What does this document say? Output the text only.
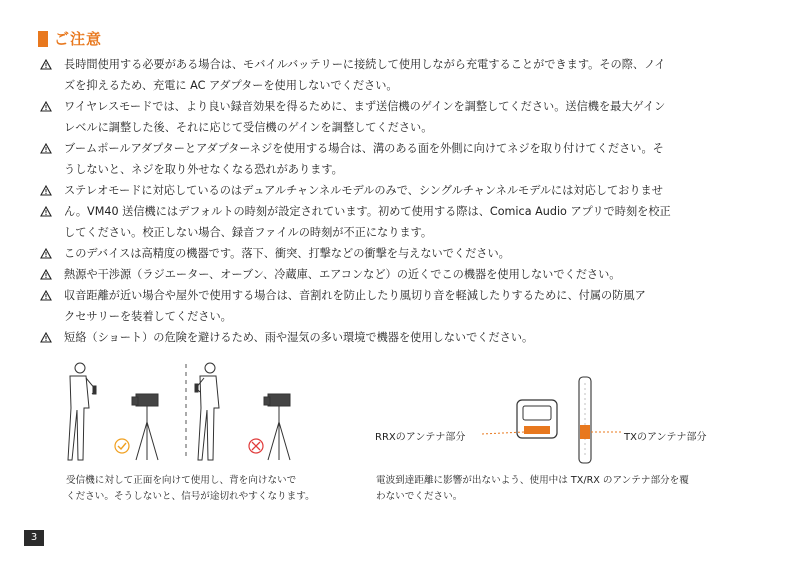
ご注意

長時間使用する必要がある場合は、モバイルバッテリーに接続して使用しながら充電することができます。その際、ノイ
ズを抑えるため、充電に AC アダプターを使用しないでください。

ワイヤレスモードでは、より良い録音効果を得るために、まず送信機のゲインを調整してください。送信機を最大ゲイン
レベルに調整した後、それに応じて受信機のゲインを調整してください。

ブームポールアダプターとアダプターネジを使用する場合は、溝のある面を外側に向けてネジを取り付けてください。そ
うしないと、ネジを取り外せなくなる恐れがあります。

ステレオモードに対応しているのはデュアルチャンネルモデルのみで、シングルチャンネルモデルには対応しておりませ

ん。VM40 送信機にはデフォルトの時刻が設定されています。初めて使用する際は、Comica Audio アプリで時刻を校正
してください。校正しない場合、録音ファイルの時刻が不正になります。

このデバイスは高精度の機器です。落下、衝突、打撃などの衝撃を与えないでください。

熱源や干渉源（ラジエーター、オーブン、冷蔵庫、エアコンなど）の近くでこの機器を使用しないでください。

収音距離が近い場合や屋外で使用する場合は、音割れを防止したり風切り音を軽減したりするために、付属の防風ア
クセサリーを装着してください。

短絡（ショート）の危険を避けるため、雨や湿気の多い環境で機器を使用しないでください。

受信機に対して正面を向けて使用し、背を向けないで
ください。そうしないと、信号が途切れやすくなります。
RRXのアンテナ部分	TXのアンテナ部分
電波到達距離に影響が出ないよう、使用中は TX/RX のアンテナ部分を覆
わないでください。
3
